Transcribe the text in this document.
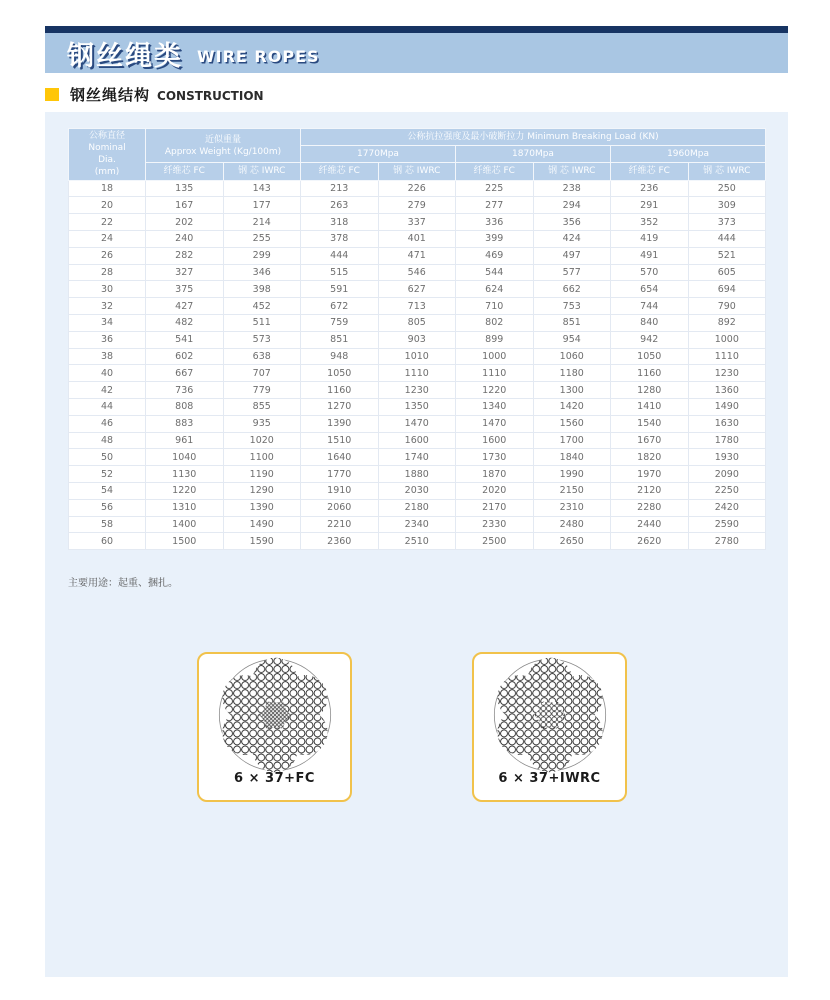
钢丝绳类 WIRE ROPES
钢丝绳结构 CONSTRUCTION
公称直径
Nominal
Dia.
(mm)	近似重量
Approx Weight (Kg/100m)		公称抗拉强度及最小破断拉力 Minimum Breaking Load (KN)					
			1770Mpa		1870Mpa		1960Mpa	
	纤维芯 FC	钢 芯 IWRC	纤维芯 FC	钢 芯 IWRC	纤维芯 FC	钢 芯 IWRC	纤维芯 FC	钢 芯 IWRC
18	135	143	213	226	225	238	236	250
20	167	177	263	279	277	294	291	309
22	202	214	318	337	336	356	352	373
24	240	255	378	401	399	424	419	444
26	282	299	444	471	469	497	491	521
28	327	346	515	546	544	577	570	605
30	375	398	591	627	624	662	654	694
32	427	452	672	713	710	753	744	790
34	482	511	759	805	802	851	840	892
36	541	573	851	903	899	954	942	1000
38	602	638	948	1010	1000	1060	1050	1110
40	667	707	1050	1110	1110	1180	1160	1230
42	736	779	1160	1230	1220	1300	1280	1360
44	808	855	1270	1350	1340	1420	1410	1490
46	883	935	1390	1470	1470	1560	1540	1630
48	961	1020	1510	1600	1600	1700	1670	1780
50	1040	1100	1640	1740	1730	1840	1820	1930
52	1130	1190	1770	1880	1870	1990	1970	2090
54	1220	1290	1910	2030	2020	2150	2120	2250
56	1310	1390	2060	2180	2170	2310	2280	2420
58	1400	1490	2210	2340	2330	2480	2440	2590
60	1500	1590	2360	2510	2500	2650	2620	2780
主要用途：起重、捆扎。
6 × 37+FC	6 × 37+IWRC
